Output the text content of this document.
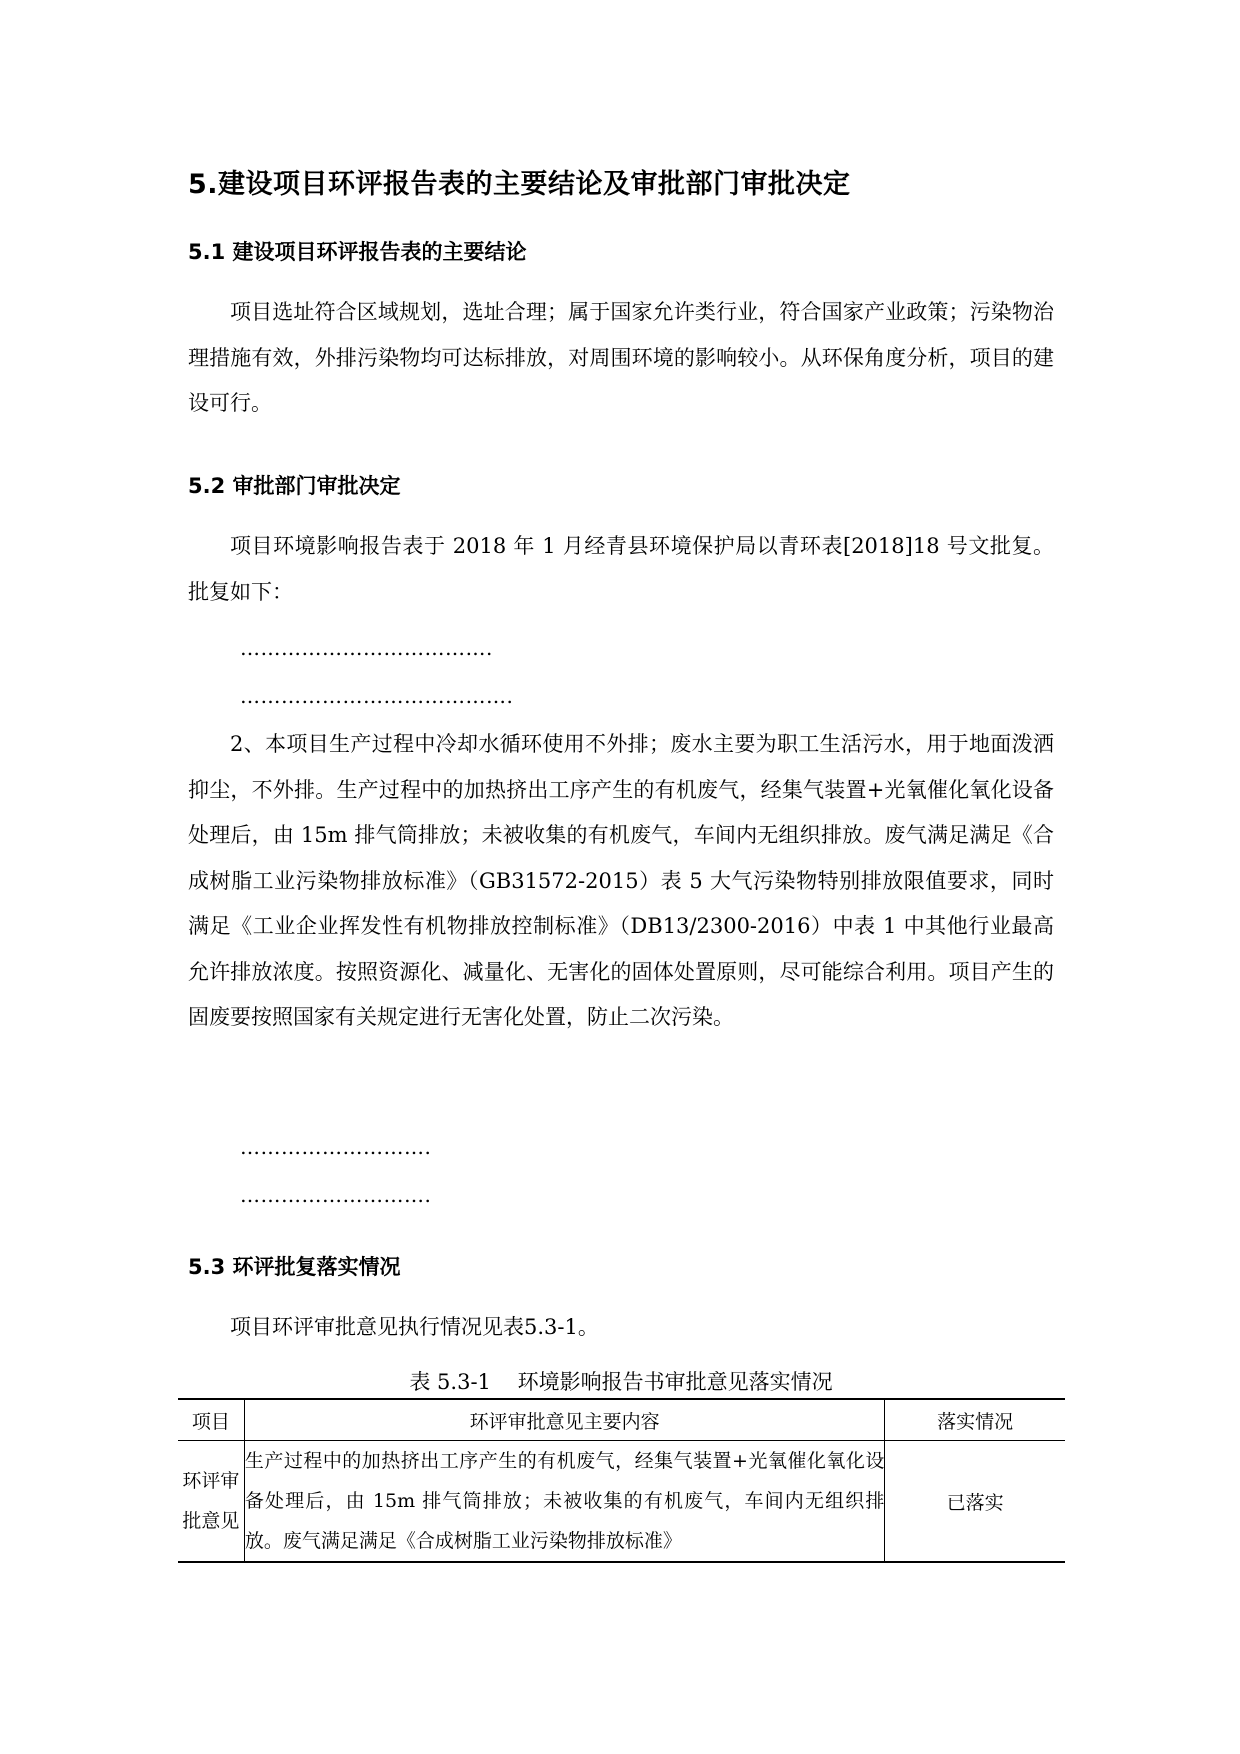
5.建设项目环评报告表的主要结论及审批部门审批决定
5.1 建设项目环评报告表的主要结论

项目选址符合区域规划，选址合理；属于国家允许类行业，符合国家产业政策；污染物治理措施有效，外排污染物均可达标排放，对周围环境的影响较小。从环保角度分析，项目的建设可行。

5.2 审批部门审批决定

项目环境影响报告表于 2018 年 1 月经青县环境保护局以青环表[2018]18 号文批复。批复如下：

……………………………….
………………………………….

2、本项目生产过程中冷却水循环使用不外排；废水主要为职工生活污水，用于地面泼洒抑尘，不外排。生产过程中的加热挤出工序产生的有机废气，经集气装置+光氧催化氧化设备处理后，由 15m 排气筒排放；未被收集的有机废气，车间内无组织排放。废气满足满足《合成树脂工业污染物排放标准》（GB31572-2015）表 5 大气污染物特别排放限值要求，同时满足《工业企业挥发性有机物排放控制标准》（DB13/2300-2016）中表 1 中其他行业最高允许排放浓度。按照资源化、减量化、无害化的固体处置原则，尽可能综合利用。项目产生的固废要按照国家有关规定进行无害化处置，防止二次污染。

……………………….
……………………….
5.3 环评批复落实情况

项目环评审批意见执行情况见表5.3-1。

表 5.3-1    环境影响报告书审批意见落实情况
项目	环评审批意见主要内容	落实情况
环评审批意见	生产过程中的加热挤出工序产生的有机废气，经集气装置+光氧催化氧化设备处理后，由 15m 排气筒排放；未被收集的有机废气，车间内无组织排放。废气满足满足《合成树脂工业污染物排放标准》	已落实
